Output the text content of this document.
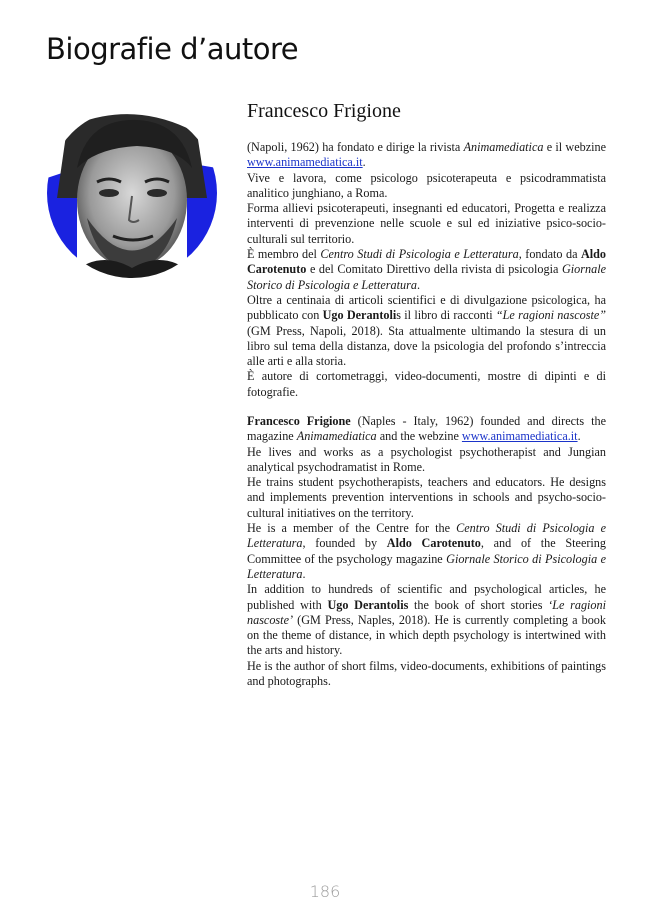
Biografie d’autore
Francesco Frigione

(Napoli, 1962) ha fondato e dirige la rivista Animamediatica e il webzine www.animamediatica.it.

Vive e lavora, come psicologo psicoterapeuta e psicodrammatista analitico junghiano, a Roma.

Forma allievi psicoterapeuti, insegnanti ed educatori, Progetta e realizza interventi di prevenzione nelle scuole e sul ed iniziative psico-socio-culturali sul territorio.

È membro del Centro Studi di Psicologia e Letteratura, fondato da Aldo Carotenuto e del Comitato Direttivo della rivista di psicologia Giornale Storico di Psicologia e Letteratura.

Oltre a centinaia di articoli scientifici e di divulgazione psicologica, ha pubblicato con Ugo Derantolis il libro di racconti “Le ragioni nascoste” (GM Press, Napoli, 2018). Sta attualmente ultimando la stesura di un libro sul tema della distanza, dove la psicologia del profondo s’intreccia alle arti e alla storia.

È autore di cortometraggi, video-documenti, mostre di dipinti e di fotografie.

Francesco Frigione (Naples - Italy, 1962) founded and directs the magazine Animamediatica and the webzine www.animamediatica.it.

He lives and works as a psychologist psychotherapist and Jungian analytical psychodramatist in Rome.

He trains student psychotherapists, teachers and educators. He designs and implements prevention interventions in schools and psycho-socio-cultural initiatives on the territory.

He is a member of the Centre for the Centro Studi di Psicologia e Letteratura, founded by Aldo Carotenuto, and of the Steering Committee of the psychology magazine Giornale Storico di Psicologia e Letteratura.

In addition to hundreds of scientific and psychological articles, he published with Ugo Derantolis the book of short stories ‘Le ragioni nascoste’ (GM Press, Naples, 2018). He is currently completing a book on the theme of distance, in which depth psychology is intertwined with the arts and history.

He is the author of short films, video-documents, exhibitions of paintings and photographs.

186
